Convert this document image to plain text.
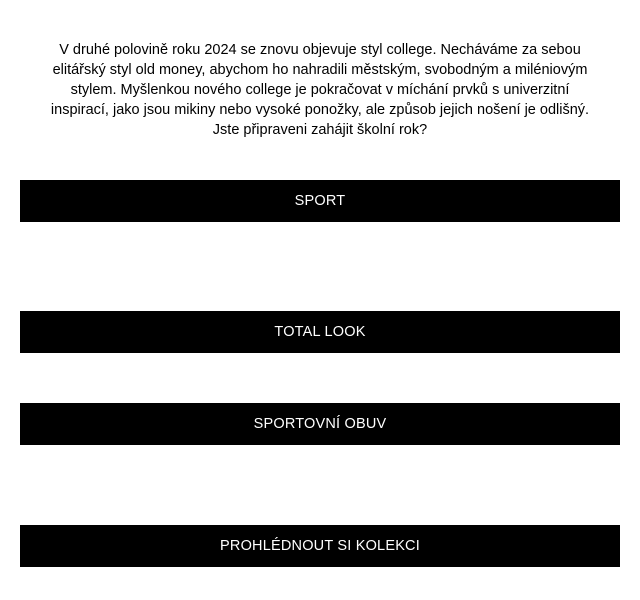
V druhé polovině roku 2024 se znovu objevuje styl college. Necháváme za sebou
elitářský styl old money, abychom ho nahradili městským, svobodným a miléniovým
stylem. Myšlenkou nového college je pokračovat v míchání prvků s univerzitní
inspirací, jako jsou mikiny nebo vysoké ponožky, ale způsob jejich nošení je odlišný.
Jste připraveni zahájit školní rok?

SPORT
TOTAL LOOK
SPORTOVNÍ OBUV
PROHLÉDNOUT SI KOLEKCI
